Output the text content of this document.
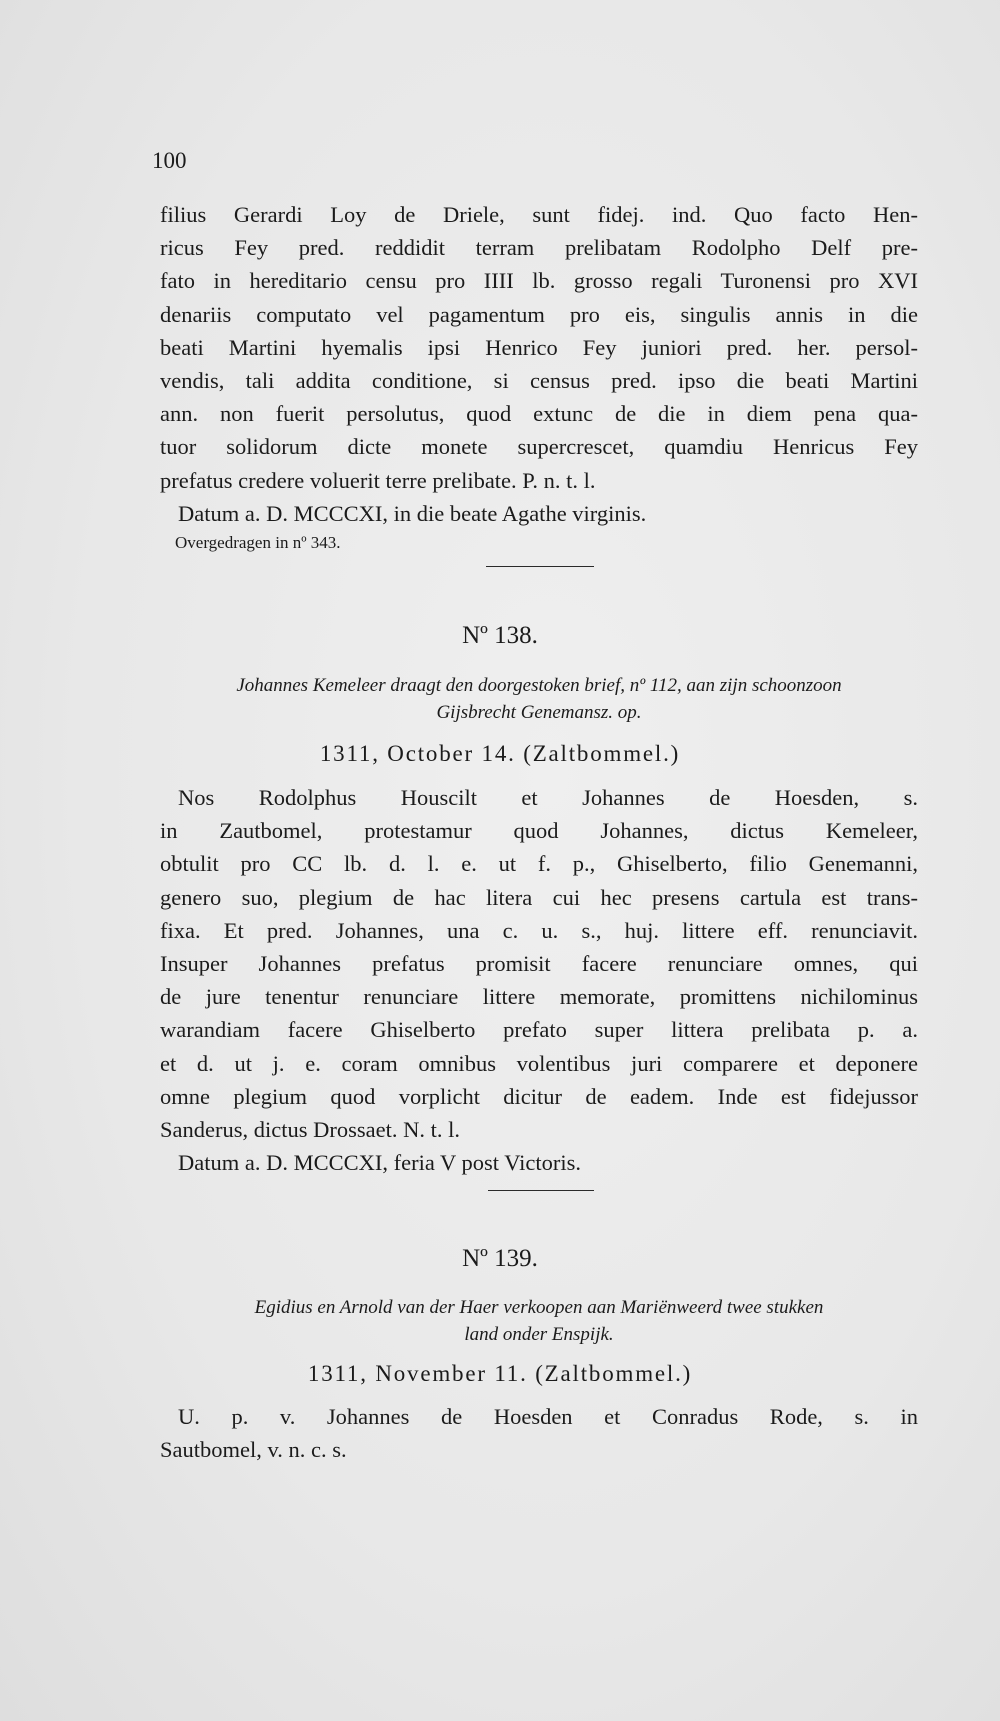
100
filius Gerardi Loy de Driele, sunt fidej. ind. Quo facto Hen-
ricus Fey pred. reddidit terram prelibatam Rodolpho Delf pre-
fato in hereditario censu pro IIII lb. grosso regali Turonensi pro XVI
denariis computato vel pagamentum pro eis, singulis annis in die
beati Martini hyemalis ipsi Henrico Fey juniori pred. her. persol-
vendis, tali addita conditione, si census pred. ipso die beati Martini
ann. non fuerit persolutus, quod extunc de die in diem pena qua-
tuor solidorum dicte monete supercrescet, quamdiu Henricus Fey
prefatus credere voluerit terre prelibate. P. n. t. l.
Datum a. D. MCCCXI, in die beate Agathe virginis.
Overgedragen in nº 343.
Nº 138.
Johannes Kemeleer draagt den doorgestoken brief, nº 112, aan zijn schoonzoon
Gijsbrecht Genemansz. op.
1311, October 14. (Zaltbommel.)
Nos Rodolphus Houscilt et Johannes de Hoesden, s.
in Zautbomel, protestamur quod Johannes, dictus Kemeleer,
obtulit pro CC lb. d. l. e. ut f. p., Ghiselberto, filio Genemanni,
genero suo, plegium de hac litera cui hec presens cartula est trans-
fixa. Et pred. Johannes, una c. u. s., huj. littere eff. renunciavit.
Insuper Johannes prefatus promisit facere renunciare omnes, qui
de jure tenentur renunciare littere memorate, promittens nichilominus
warandiam facere Ghiselberto prefato super littera prelibata p. a.
et d. ut j. e. coram omnibus volentibus juri comparere et deponere
omne plegium quod vorplicht dicitur de eadem. Inde est fidejussor
Sanderus, dictus Drossaet. N. t. l.
Datum a. D. MCCCXI, feria V post Victoris.
Nº 139.
Egidius en Arnold van der Haer verkoopen aan Mariënweerd twee stukken
land onder Enspijk.
1311, November 11. (Zaltbommel.)
U. p. v. Johannes de Hoesden et Conradus Rode, s. in
Sautbomel, v. n. c. s.
